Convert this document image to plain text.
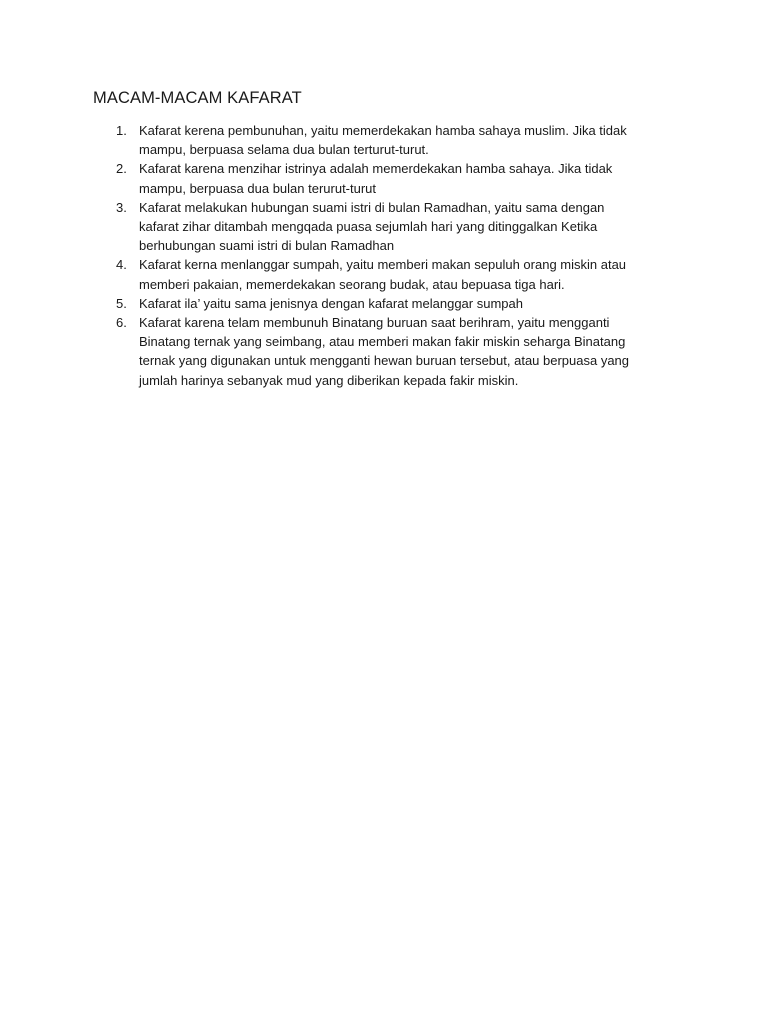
MACAM-MACAM KAFARAT
1. Kafarat kerena pembunuhan, yaitu memerdekakan hamba sahaya muslim. Jika tidak
mampu, berpuasa selama dua bulan terturut-turut.
2. Kafarat karena menzihar istrinya adalah memerdekakan hamba sahaya. Jika tidak
mampu, berpuasa dua bulan terurut-turut
3. Kafarat melakukan hubungan suami istri di bulan Ramadhan, yaitu sama dengan
kafarat zihar ditambah mengqada puasa sejumlah hari yang ditinggalkan Ketika
berhubungan suami istri di bulan Ramadhan
4. Kafarat kerna menlanggar sumpah, yaitu memberi makan sepuluh orang miskin atau
memberi pakaian, memerdekakan seorang budak, atau bepuasa tiga hari.
5. Kafarat ila’ yaitu sama jenisnya dengan kafarat melanggar sumpah
6. Kafarat karena telam membunuh Binatang buruan saat berihram, yaitu mengganti
Binatang ternak yang seimbang, atau memberi makan fakir miskin seharga Binatang
ternak yang digunakan untuk mengganti hewan buruan tersebut, atau berpuasa yang
jumlah harinya sebanyak mud yang diberikan kepada fakir miskin.
